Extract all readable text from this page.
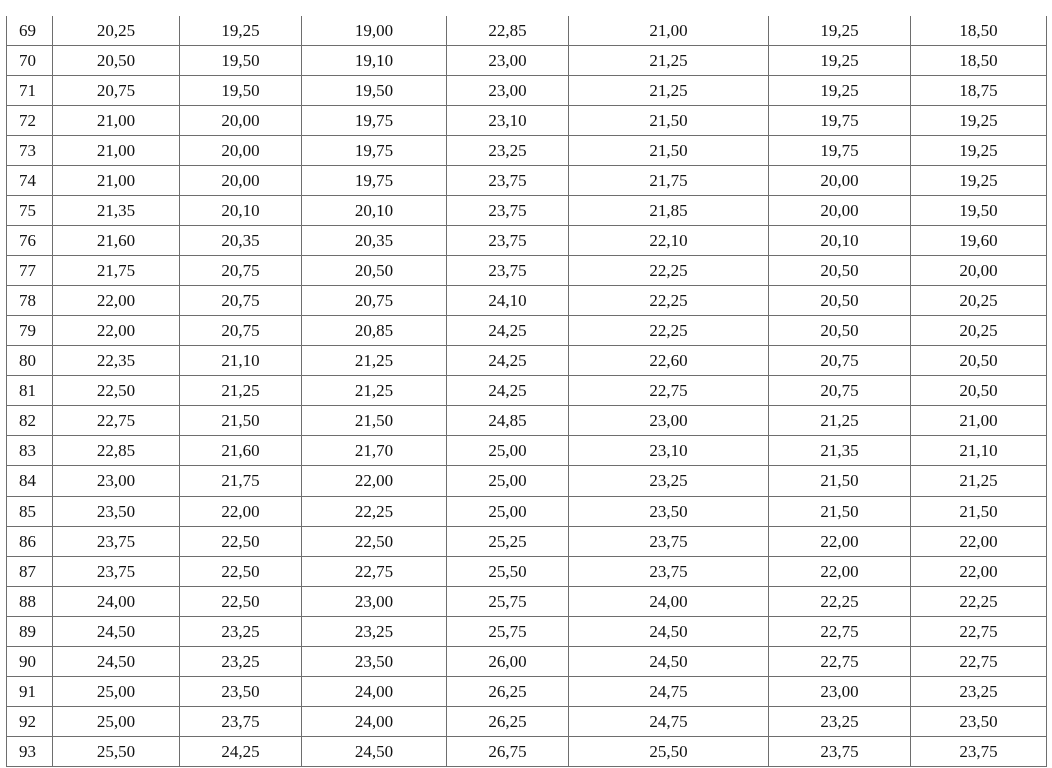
69	20,25	19,25	19,00	22,85	21,00	19,25	18,50
70	20,50	19,50	19,10	23,00	21,25	19,25	18,50
71	20,75	19,50	19,50	23,00	21,25	19,25	18,75
72	21,00	20,00	19,75	23,10	21,50	19,75	19,25
73	21,00	20,00	19,75	23,25	21,50	19,75	19,25
74	21,00	20,00	19,75	23,75	21,75	20,00	19,25
75	21,35	20,10	20,10	23,75	21,85	20,00	19,50
76	21,60	20,35	20,35	23,75	22,10	20,10	19,60
77	21,75	20,75	20,50	23,75	22,25	20,50	20,00
78	22,00	20,75	20,75	24,10	22,25	20,50	20,25
79	22,00	20,75	20,85	24,25	22,25	20,50	20,25
80	22,35	21,10	21,25	24,25	22,60	20,75	20,50
81	22,50	21,25	21,25	24,25	22,75	20,75	20,50
82	22,75	21,50	21,50	24,85	23,00	21,25	21,00
83	22,85	21,60	21,70	25,00	23,10	21,35	21,10
84	23,00	21,75	22,00	25,00	23,25	21,50	21,25
85	23,50	22,00	22,25	25,00	23,50	21,50	21,50
86	23,75	22,50	22,50	25,25	23,75	22,00	22,00
87	23,75	22,50	22,75	25,50	23,75	22,00	22,00
88	24,00	22,50	23,00	25,75	24,00	22,25	22,25
89	24,50	23,25	23,25	25,75	24,50	22,75	22,75
90	24,50	23,25	23,50	26,00	24,50	22,75	22,75
91	25,00	23,50	24,00	26,25	24,75	23,00	23,25
92	25,00	23,75	24,00	26,25	24,75	23,25	23,50
93	25,50	24,25	24,50	26,75	25,50	23,75	23,75
